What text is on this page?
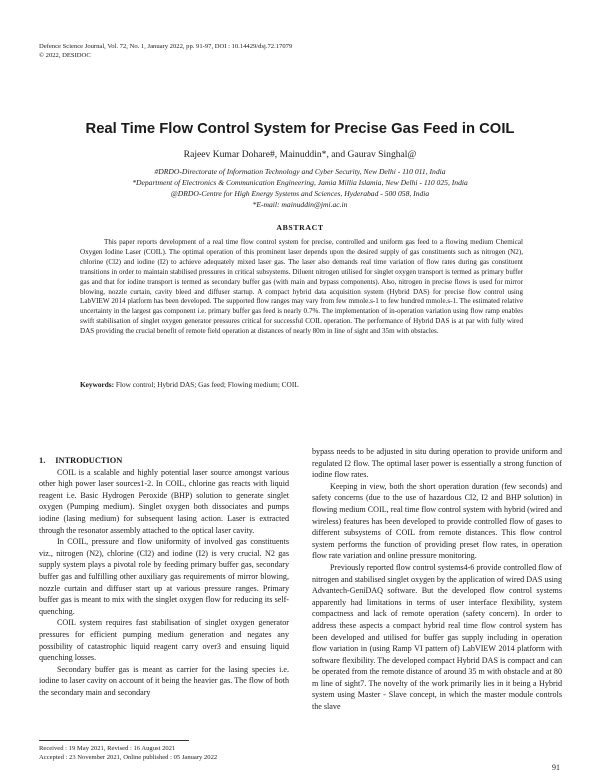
Defence Science Journal, Vol. 72, No. 1, January 2022, pp. 91-97, DOI : 10.14429/dsj.72.17079
© 2022, DESIDOC
Real Time Flow Control System for Precise Gas Feed in COIL
Rajeev Kumar Dohare#, Mainuddin*, and Gaurav Singhal@
#DRDO-Directorate of Information Technology and Cyber Security, New Delhi - 110 011, India
*Department of Electronics & Communication Engineering, Jamia Millia Islamia, New Delhi - 110 025, India
@DRDO-Centre for High Energy Systems and Sciences, Hyderabad - 500 058, India
*E-mail: mainuddin@jmi.ac.in
ABSTRACT
This paper reports development of a real time flow control system for precise, controlled and uniform gas feed to a flowing medium Chemical Oxygen Iodine Laser (COIL). The optimal operation of this prominent laser depends upon the desired supply of gas constituents such as nitrogen (N2), chlorine (Cl2) and iodine (I2) to achieve adequately mixed laser gas. The laser also demands real time variation of flow rates during gas constituent transitions in order to maintain stabilised pressures in critical subsystems. Diluent nitrogen utilised for singlet oxygen transport is termed as primary buffer gas and that for iodine transport is termed as secondary buffer gas (with main and bypass components). Also, nitrogen in precise flows is used for mirror blowing, nozzle curtain, cavity bleed and diffuser startup. A compact hybrid data acquisition system (Hybrid DAS) for precise flow control using LabVIEW 2014 platform has been developed. The supported flow ranges may vary from few mmole.s-1 to few hundred mmole.s-1. The estimated relative uncertainty in the largest gas component i.e. primary buffer gas feed is nearly 0.7%. The implementation of in-operation variation using flow ramp enables swift stabilisation of singlet oxygen generator pressures critical for successful COIL operation. The performance of Hybrid DAS is at par with fully wired DAS providing the crucial benefit of remote field operation at distances of nearly 80m in line of sight and 35m with obstacles.
Keywords: Flow control; Hybrid DAS; Gas feed; Flowing medium; COIL
1. INTRODUCTION

COIL is a scalable and highly potential laser source amongst various other high power laser sources1-2. In COIL, chlorine gas reacts with liquid reagent i.e. Basic Hydrogen Peroxide (BHP) solution to generate singlet oxygen (Pumping medium). Singlet oxygen both dissociates and pumps iodine (lasing medium) for subsequent lasing action. Laser is extracted through the resonator assembly attached to the optical laser cavity.

In COIL, pressure and flow uniformity of involved gas constituents viz., nitrogen (N2), chlorine (Cl2) and iodine (I2) is very crucial. N2 gas supply system plays a pivotal role by feeding primary buffer gas, secondary buffer gas and fulfilling other auxiliary gas requirements of mirror blowing, nozzle curtain and diffuser start up at various pressure ranges. Primary buffer gas is meant to mix with the singlet oxygen flow for reducing its self-quenching.

COIL system requires fast stabilisation of singlet oxygen generator pressures for efficient pumping medium generation and negates any possibility of catastrophic liquid reagent carry over3 and ensuing liquid quenching losses.

Secondary buffer gas is meant as carrier for the lasing species i.e. iodine to laser cavity on account of it being the heavier gas. The flow of both the secondary main and secondary

bypass needs to be adjusted in situ during operation to provide uniform and regulated I2 flow. The optimal laser power is essentially a strong function of iodine flow rates.

Keeping in view, both the short operation duration (few seconds) and safety concerns (due to the use of hazardous Cl2, I2 and BHP solution) in flowing medium COIL, real time flow control system with hybrid (wired and wireless) features has been developed to provide controlled flow of gases to different subsystems of COIL from remote distances. This flow control system performs the function of providing preset flow rates, in operation flow rate variation and online pressure monitoring.

Previously reported flow control systems4-6 provide controlled flow of nitrogen and stabilised singlet oxygen by the application of wired DAS using Advantech-GeniDAQ software. But the developed flow control systems apparently had limitations in terms of user interface flexibility, system compactness and lack of remote operation (safety concern). In order to address these aspects a compact hybrid real time flow control system has been developed and utilised for buffer gas supply including in operation flow variation in (using Ramp VI pattern of) LabVIEW 2014 platform with software flexibility. The developed compact Hybrid DAS is compact and can be operated from the remote distance of around 35 m with obstacle and at 80 m line of sight7. The novelty of the work primarily lies in it being a Hybrid system using Master - Slave concept, in which the master module controls the slave

Received : 19 May 2021, Revised : 16 August 2021
Accepted : 23 November 2021, Online published : 05 January 2022
91
